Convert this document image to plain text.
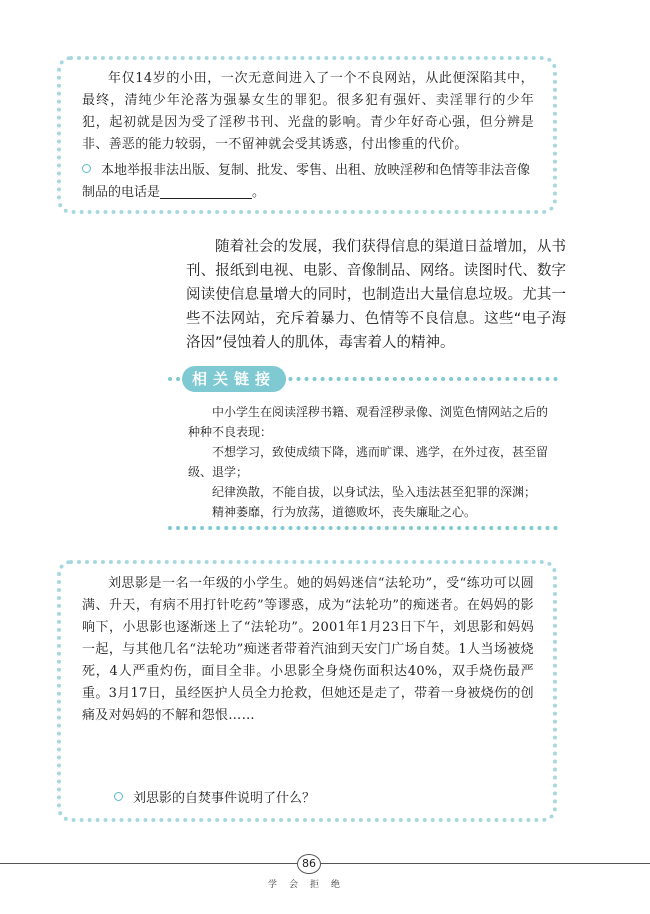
年仅14岁的小田，一次无意间进入了一个不良网站，从此便深陷其中，最终，清纯少年沦落为强暴女生的罪犯。很多犯有强奸、卖淫罪行的少年犯，起初就是因为受了淫秽书刊、光盘的影响。青少年好奇心强，但分辨是非、善恶的能力较弱，一不留神就会受其诱惑，付出惨重的代价。

本地举报非法出版、复制、批发、零售、出租、放映淫秽和色情等非法音像制品的电话是	。

随着社会的发展，我们获得信息的渠道日益增加，从书刊、报纸到电视、电影、音像制品、网络。读图时代、数字阅读使信息量增大的同时，也制造出大量信息垃圾。尤其一些不法网站，充斥着暴力、色情等不良信息。这些“电子海洛因”侵蚀着人的肌体，毒害着人的精神。

相关链接

中小学生在阅读淫秽书籍、观看淫秽录像、浏览色情网站之后的种种不良表现：

不想学习，致使成绩下降，逃而旷课、逃学，在外过夜，甚至留级、退学；

纪律涣散，不能自拔，以身试法，坠入违法甚至犯罪的深渊；

精神萎靡，行为放荡，道德败坏，丧失廉耻之心。

刘思影是一名一年级的小学生。她的妈妈迷信“法轮功”，受“练功可以圆满、升天，有病不用打针吃药”等谬惑，成为“法轮功”的痴迷者。在妈妈的影响下，小思影也逐渐迷上了“法轮功”。2001年1月23日下午，刘思影和妈妈一起，与其他几名“法轮功”痴迷者带着汽油到天安门广场自焚。1人当场被烧死，4人严重灼伤，面目全非。小思影全身烧伤面积达40%，双手烧伤最严重。3月17日，虽经医护人员全力抢救，但她还是走了，带着一身被烧伤的创痛及对妈妈的不解和怨恨……

刘思影的自焚事件说明了什么？
86
学会拒绝
